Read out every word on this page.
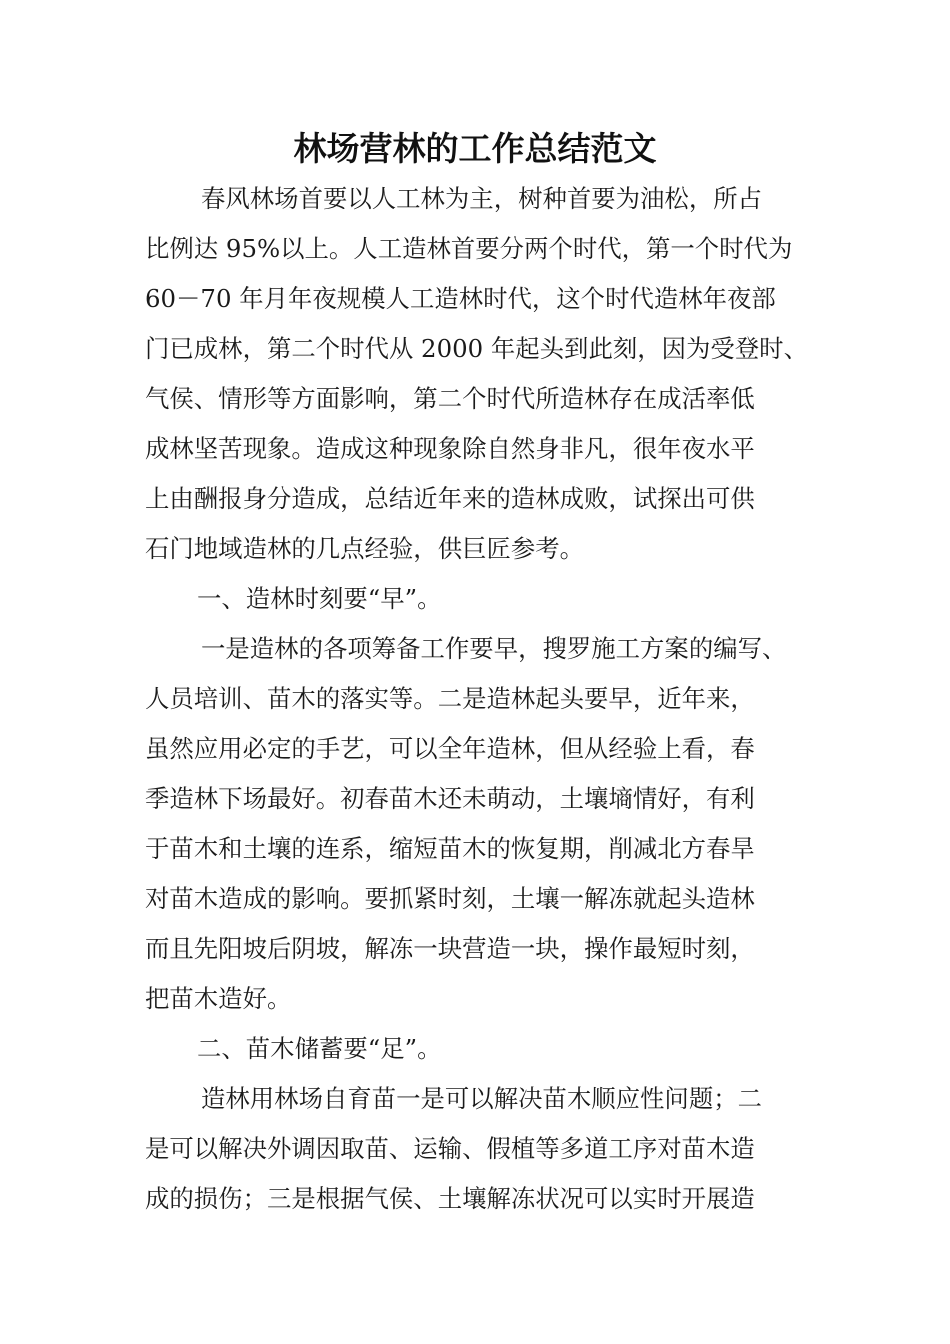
林场营林的工作总结范文

春风林场首要以人工林为主，树种首要为油松，所占
比例达 95%以上。人工造林首要分两个时代，第一个时代为
60－70 年月年夜规模人工造林时代，这个时代造林年夜部
门已成林，第二个时代从 2000 年起头到此刻，因为受登时、
气侯、情形等方面影响，第二个时代所造林存在成活率低
成林坚苦现象。造成这种现象除自然身非凡，很年夜水平
上由酬报身分造成，总结近年来的造林成败，试探出可供
石门地域造林的几点经验，供巨匠参考。

一、造林时刻要“早”。

一是造林的各项筹备工作要早，搜罗施工方案的编写、
人员培训、苗木的落实等。二是造林起头要早，近年来，
虽然应用必定的手艺，可以全年造林，但从经验上看，春
季造林下场最好。初春苗木还未萌动，土壤墒情好，有利
于苗木和土壤的连系，缩短苗木的恢复期，削减北方春旱
对苗木造成的影响。要抓紧时刻，土壤一解冻就起头造林
而且先阳坡后阴坡，解冻一块营造一块，操作最短时刻，
把苗木造好。

二、苗木储蓄要“足”。

造林用林场自育苗一是可以解决苗木顺应性问题；二
是可以解决外调因取苗、运输、假植等多道工序对苗木造
成的损伤；三是根据气侯、土壤解冻状况可以实时开展造
